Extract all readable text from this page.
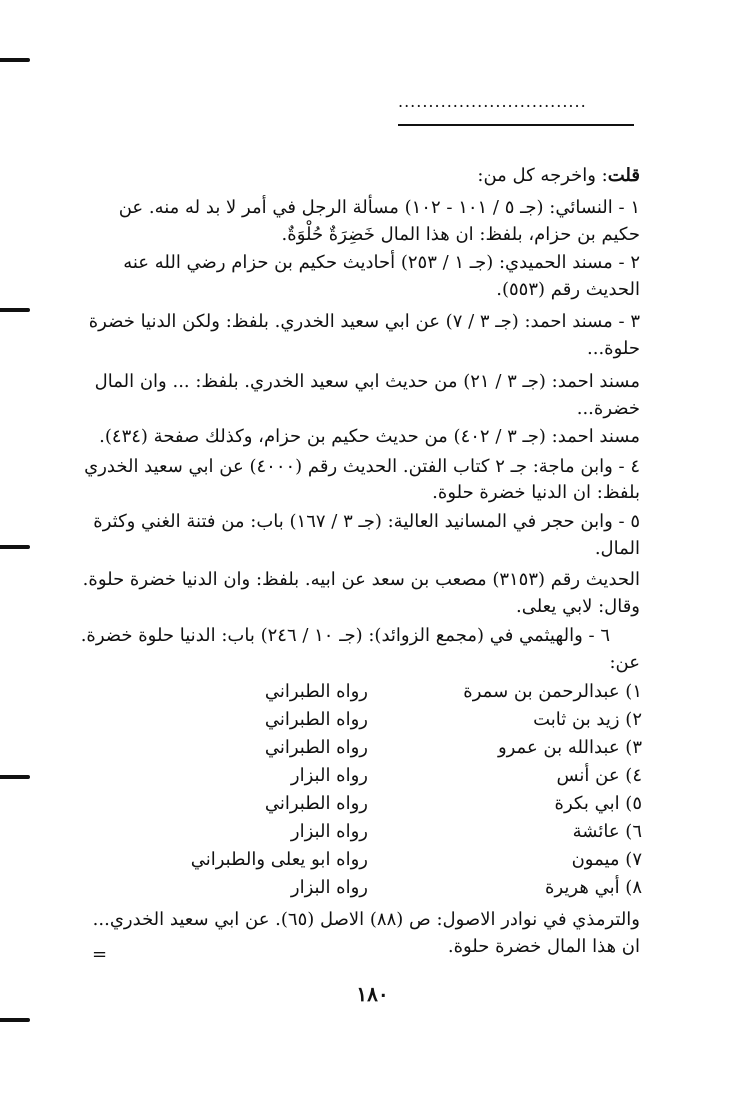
...............................
قلت: واخرجه كل من:
١ - النسائي: (جـ ٥ / ١٠١ - ١٠٢) مسألة الرجل في أمر لا بد له منه. عن
حكيم بن حزام، بلفظ: ان هذا المال خَضِرَةٌ حُلْوَةٌ.
٢ - مسند الحميدي: (جـ ١ / ٢٥٣) أحاديث حكيم بن حزام رضي الله عنه
الحديث رقم (٥٥٣).
٣ - مسند احمد: (جـ ٣ / ٧) عن ابي سعيد الخدري. بلفظ: ولكن الدنيا خضرة
حلوة...
مسند احمد: (جـ ٣ / ٢١) من حديث ابي سعيد الخدري. بلفظ: ... وان المال
خضرة...
مسند احمد: (جـ ٣ / ٤٠٢) من حديث حكيم بن حزام، وكذلك صفحة (٤٣٤).
٤ - وابن ماجة: جـ ٢ كتاب الفتن. الحديث رقم (٤٠٠٠) عن ابي سعيد الخدري
بلفظ: ان الدنيا خضرة حلوة.
٥ - وابن حجر في المسانيد العالية: (جـ ٣ / ١٦٧) باب: من فتنة الغني وكثرة
المال.
الحديث رقم (٣١٥٣) مصعب بن سعد عن ابيه. بلفظ: وان الدنيا خضرة حلوة.
وقال: لابي يعلى.
٦ - والهيثمي في (مجمع الزوائد): (جـ ١٠ / ٢٤٦) باب: الدنيا حلوة خضرة.
عن:
١) عبدالرحمن بن سمرة
رواه الطبراني
٢) زيد بن ثابت
رواه الطبراني
٣) عبدالله بن عمرو
رواه الطبراني
٤) عن أنس
رواه البزار
٥) ابي بكرة
رواه الطبراني
٦) عائشة
رواه البزار
٧) ميمون
رواه ابو يعلى والطبراني
٨) أبي هريرة
رواه البزار
والترمذي في نوادر الاصول: ص (٨٨) الاصل (٦٥). عن ابي سعيد الخدري...
ان هذا المال خضرة حلوة.
=
١٨٠
